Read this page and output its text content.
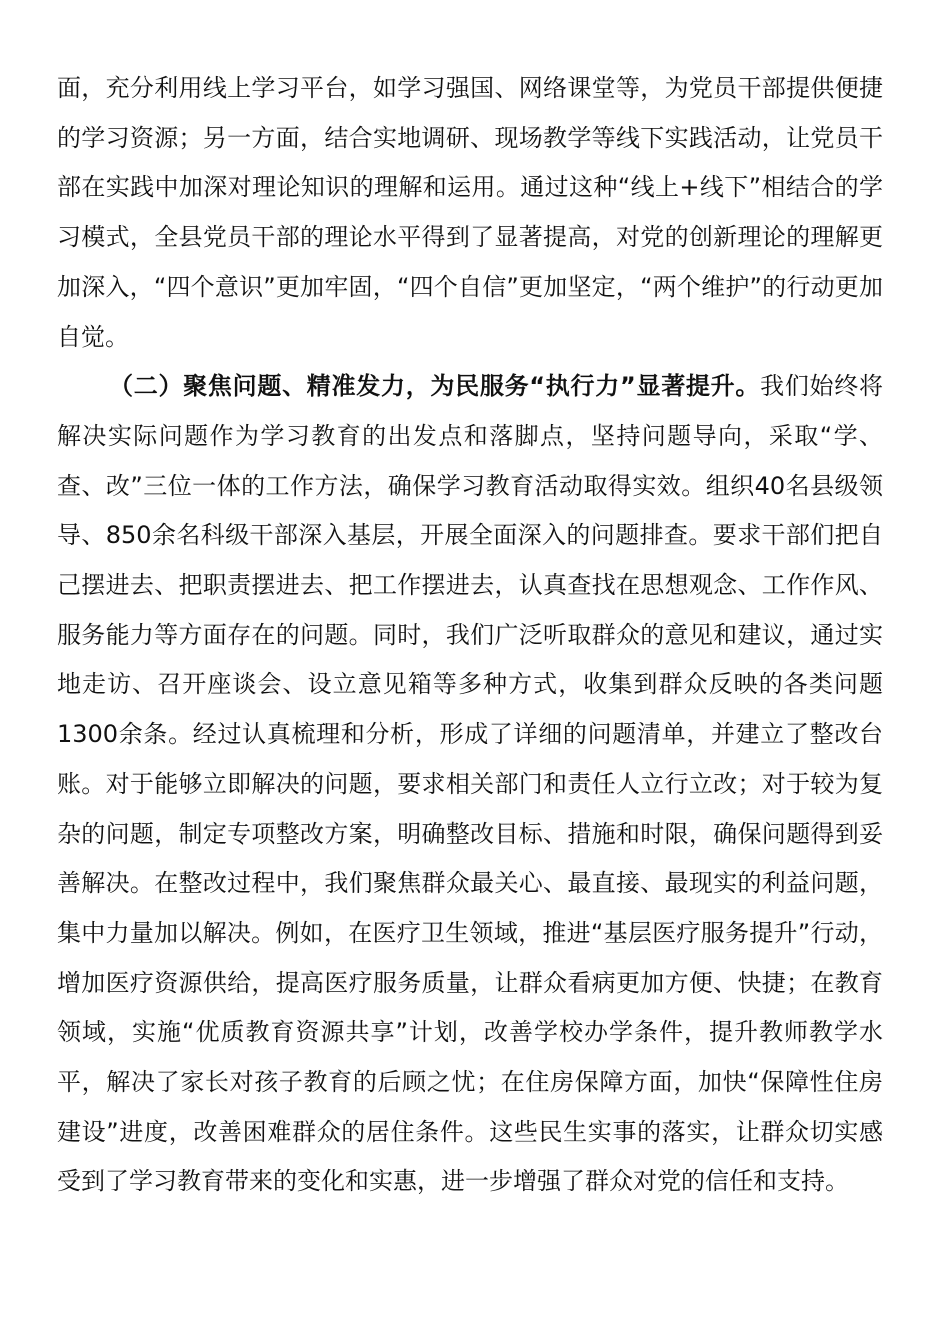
面，充分利用线上学习平台，如学习强国、网络课堂等，为党员干部提供便捷的学习资源；另一方面，结合实地调研、现场教学等线下实践活动，让党员干部在实践中加深对理论知识的理解和运用。通过这种“线上+线下”相结合的学习模式，全县党员干部的理论水平得到了显著提高，对党的创新理论的理解更加深入，“四个意识”更加牢固，“四个自信”更加坚定，“两个维护”的行动更加自觉。

（二）聚焦问题、精准发力，为民服务“执行力”显著提升。我们始终将解决实际问题作为学习教育的出发点和落脚点，坚持问题导向，采取“学、查、改”三位一体的工作方法，确保学习教育活动取得实效。组织40名县级领导、850余名科级干部深入基层，开展全面深入的问题排查。要求干部们把自己摆进去、把职责摆进去、把工作摆进去，认真查找在思想观念、工作作风、服务能力等方面存在的问题。同时，我们广泛听取群众的意见和建议，通过实地走访、召开座谈会、设立意见箱等多种方式，收集到群众反映的各类问题1300余条。经过认真梳理和分析，形成了详细的问题清单，并建立了整改台账。对于能够立即解决的问题，要求相关部门和责任人立行立改；对于较为复杂的问题，制定专项整改方案，明确整改目标、措施和时限，确保问题得到妥善解决。在整改过程中，我们聚焦群众最关心、最直接、最现实的利益问题，集中力量加以解决。例如，在医疗卫生领域，推进“基层医疗服务提升”行动，增加医疗资源供给，提高医疗服务质量，让群众看病更加方便、快捷；在教育领域，实施“优质教育资源共享”计划，改善学校办学条件，提升教师教学水平，解决了家长对孩子教育的后顾之忧；在住房保障方面，加快“保障性住房建设”进度，改善困难群众的居住条件。这些民生实事的落实，让群众切实感受到了学习教育带来的变化和实惠，进一步增强了群众对党的信任和支持。
